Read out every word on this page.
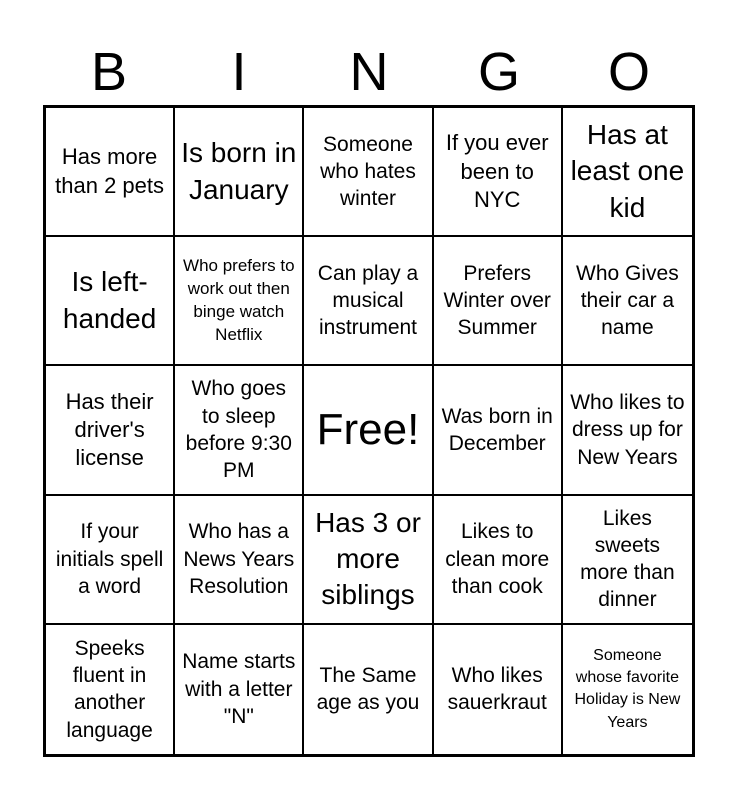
B	I	N	G	O
Has more than 2 pets
Is born in January
Someone who hates winter
If you ever been to NYC
Has at least one kid
Is left-handed
Who prefers to work out then binge watch Netflix
Can play a musical instrument
Prefers Winter over Summer
Who Gives their car a name
Has their driver's license
Who goes to sleep before 9:30 PM
Free! Was born in December
Who likes to dress up for New Years
If your initials spell a word
Who has a News Years Resolution
Has 3 or more siblings
Likes to clean more than cook
Likes sweets more than dinner
Speeks fluent in another language
Name starts with a letter "N"
The Same age as you
Who likes sauerkraut
Someone whose favorite Holiday is New Years
